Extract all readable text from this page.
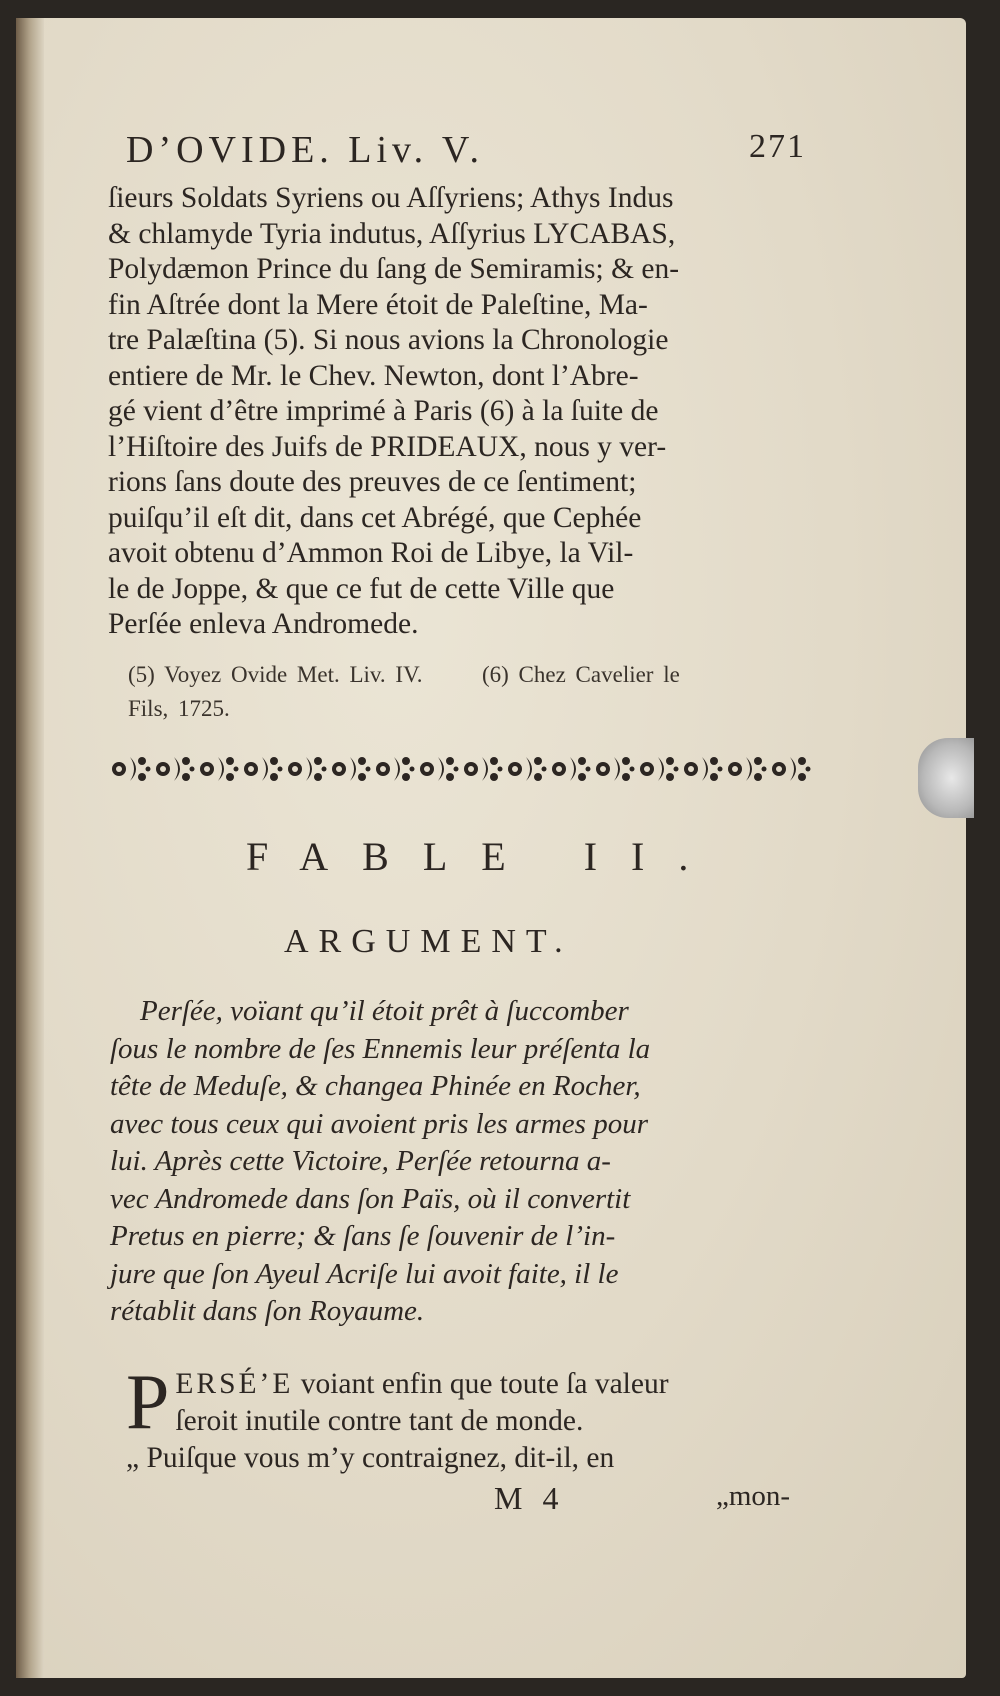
D’OVIDE. Liv. V.	271
ſieurs Soldats Syriens ou Aſſyriens; Athys Indus
& chlamyde Tyria indutus, Aſſyrius LYCABAS,
Polydæmon Prince du ſang de Semiramis; & en-
fin Aſtrée dont la Mere étoit de Paleſtine, Ma-
tre Palæſtina (5). Si nous avions la Chronologie
entiere de Mr. le Chev. Newton, dont l’Abre-
gé vient d’être imprimé à Paris (6) à la ſuite de
l’Hiſtoire des Juifs de PRIDEAUX, nous y ver-
rions ſans doute des preuves de ce ſentiment;
puiſqu’il eſt dit, dans cet Abrégé, que Cephée
avoit obtenu d’Ammon Roi de Libye, la Vil-
le de Joppe, & que ce fut de cette Ville que
Perſée enleva Andromede.
(5) Voyez Ovide Met. Liv. IV.	(6) Chez Cavelier le
Fils, 1725.
FABLE II.
ARGUMENT.
Perſée, voïant qu’il étoit prêt à ſuccomber
ſous le nombre de ſes Ennemis leur préſenta la
tête de Meduſe, & changea Phinée en Rocher,
avec tous ceux qui avoient pris les armes pour
lui. Après cette Victoire, Perſée retourna a-
vec Andromede dans ſon Païs, où il convertit
Pretus en pierre; & ſans ſe ſouvenir de l’in-
jure que ſon Ayeul Acriſe lui avoit faite, il le
rétablit dans ſon Royaume.
P ERSÉ’E voiant enfin que toute ſa valeur
ſeroit inutile contre tant de monde.
„ Puiſque vous m’y contraignez, dit-il, en
M 4	„mon-
